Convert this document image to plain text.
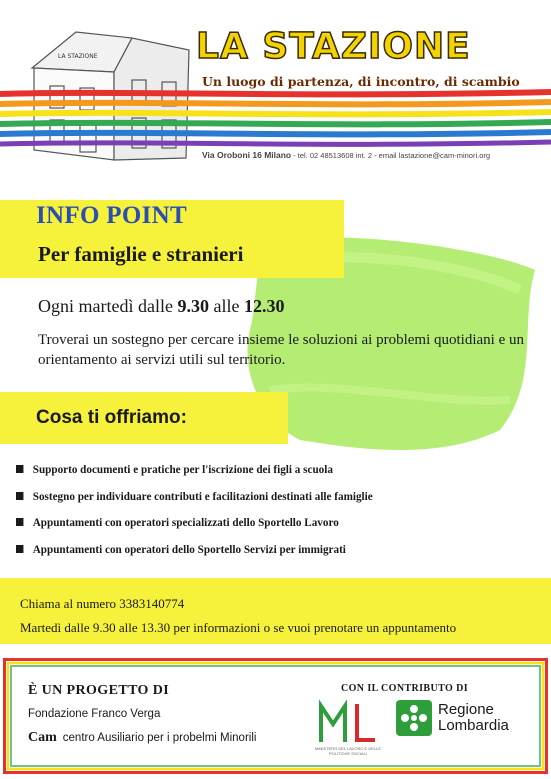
LA STAZIONE	LA STAZIONE
Un luogo di partenza, di incontro, di scambio
Via Oroboni 16 Milano - tel. 02 48513608 int. 2 - email lastazione@cam-minori.org
INFO POINT
Per famiglie e stranieri
Ogni martedì dalle 9.30 alle 12.30
Troverai un sostegno per cercare insieme le soluzioni ai problemi quotidiani e un orientamento ai servizi utili sul territorio.
Cosa ti offriamo:
Supporto documenti e pratiche per l'iscrizione dei figli a scuola
Sostegno per individuare contributi e facilitazioni destinati alle famiglie
Appuntamenti con operatori specializzati dello Sportello Lavoro
Appuntamenti con operatori dello Sportello Servizi per immigrati
Chiama al numero 3383140774
Martedì dalle 9.30 alle 13.30 per informazioni o se vuoi prenotare un appuntamento
È UN PROGETTO DI
Fondazione Franco Verga
Cam centro Ausiliario per i probelmi Minorili
CON IL CONTRIBUTO DI
MINISTERO DEL LAVORO E DELLE POLITICHE SOCIALI
Regione
Lombardia
